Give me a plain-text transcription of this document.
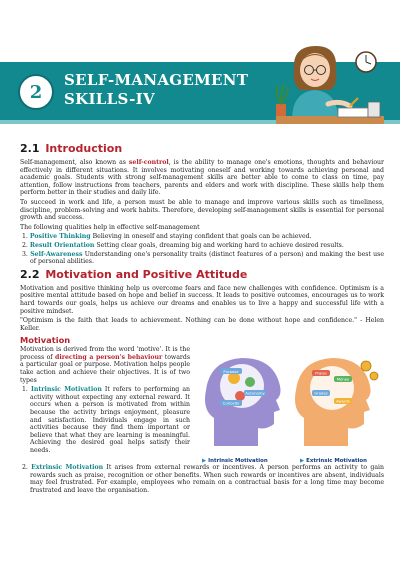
2
SELF-MANAGEMENT
SKILLS-IV
2.1 Introduction

Self-management, also known as self-control, is the ability to manage one's emotions, thoughts and behaviour effectively in different situations. It involves motivating oneself and working towards achieving personal and academic goals. Students with strong self-management skills are better able to come to class on time, pay attention, follow instructions from teachers, parents and elders and work with discipline. These skills help them perform better in their studies and daily life.

To succeed in work and life, a person must be able to manage and improve various skills such as timeliness, discipline, problem-solving and work habits. Therefore, developing self-management skills is essential for personal growth and success.

The following qualities help in effective self-management

1. Positive Thinking Believing in oneself and staying confident that goals can be achieved.
2. Result Orientation Setting clear goals, dreaming big and working hard to achieve desired results.
3. Self-Awareness Understanding one's personality traits (distinct features of a person) and making the best use of personal abilities.
2.2 Motivation and Positive Attitude

Motivation and positive thinking help us overcome fears and face new challenges with confidence. Optimism is a positive mental attitude based on hope and belief in success. It leads to positive outcomes, encourages us to work hard towards our goals, helps us achieve our dreams and enables us to live a happy and successful life with a positive mindset.

"Optimism is the faith that leads to achievement. Nothing can be done without hope and confidence." - Helen Keller.

Motivation

Motivation is derived from the word 'motive'. It is the process of directing a person's behaviour towards a particular goal or purpose. Motivation helps people take action and achieve their objectives. It is of two types

1. Intrinsic Motivation It refers to performing an activity without expecting any external reward. It occurs when a person is motivated from within because the activity brings enjoyment, pleasure and satisfaction. Individuals engage in such activities because they find them important or believe that what they are learning is meaningful. Achieving the desired goal helps satisfy their needs.
Purpose
Autonomy
Curiosity
Praise
Money
Grades
Awards
▶ Intrinsic Motivation	▶ Extrinsic Motivation
2. Extrinsic Motivation It arises from external rewards or incentives. A person performs an activity to gain rewards such as praise, recognition or other benefits. When such rewards or incentives are absent, individuals may feel frustrated. For example, employees who remain on a contractual basis for a long time may become frustrated and leave the organisation.
